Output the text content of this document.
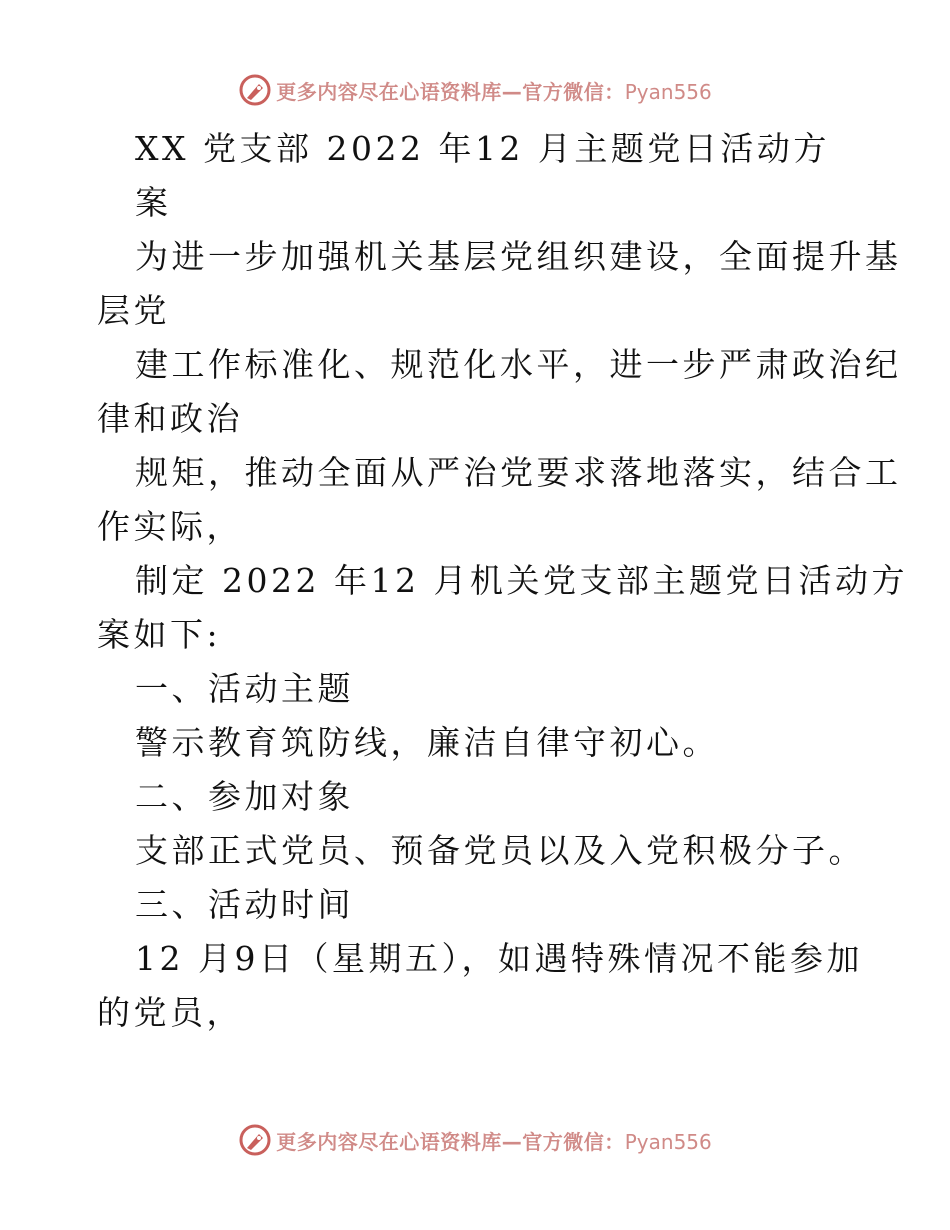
更多内容尽在心语资料库—官方微信：Pyan556
XX 党支部 2022 年12 月主题党日活动方
案
为进一步加强机关基层党组织建设，全面提升基
层党
建工作标准化、规范化水平，进一步严肃政治纪
律和政治
规矩，推动全面从严治党要求落地落实，结合工
作实际，
制定 2022 年12 月机关党支部主题党日活动方
案如下:
一、活动主题
警示教育筑防线，廉洁自律守初心。
二、参加对象
支部正式党员、预备党员以及入党积极分子。
三、活动时间
12 月9日（星期五），如遇特殊情况不能参加
的党员，
更多内容尽在心语资料库—官方微信：Pyan556
